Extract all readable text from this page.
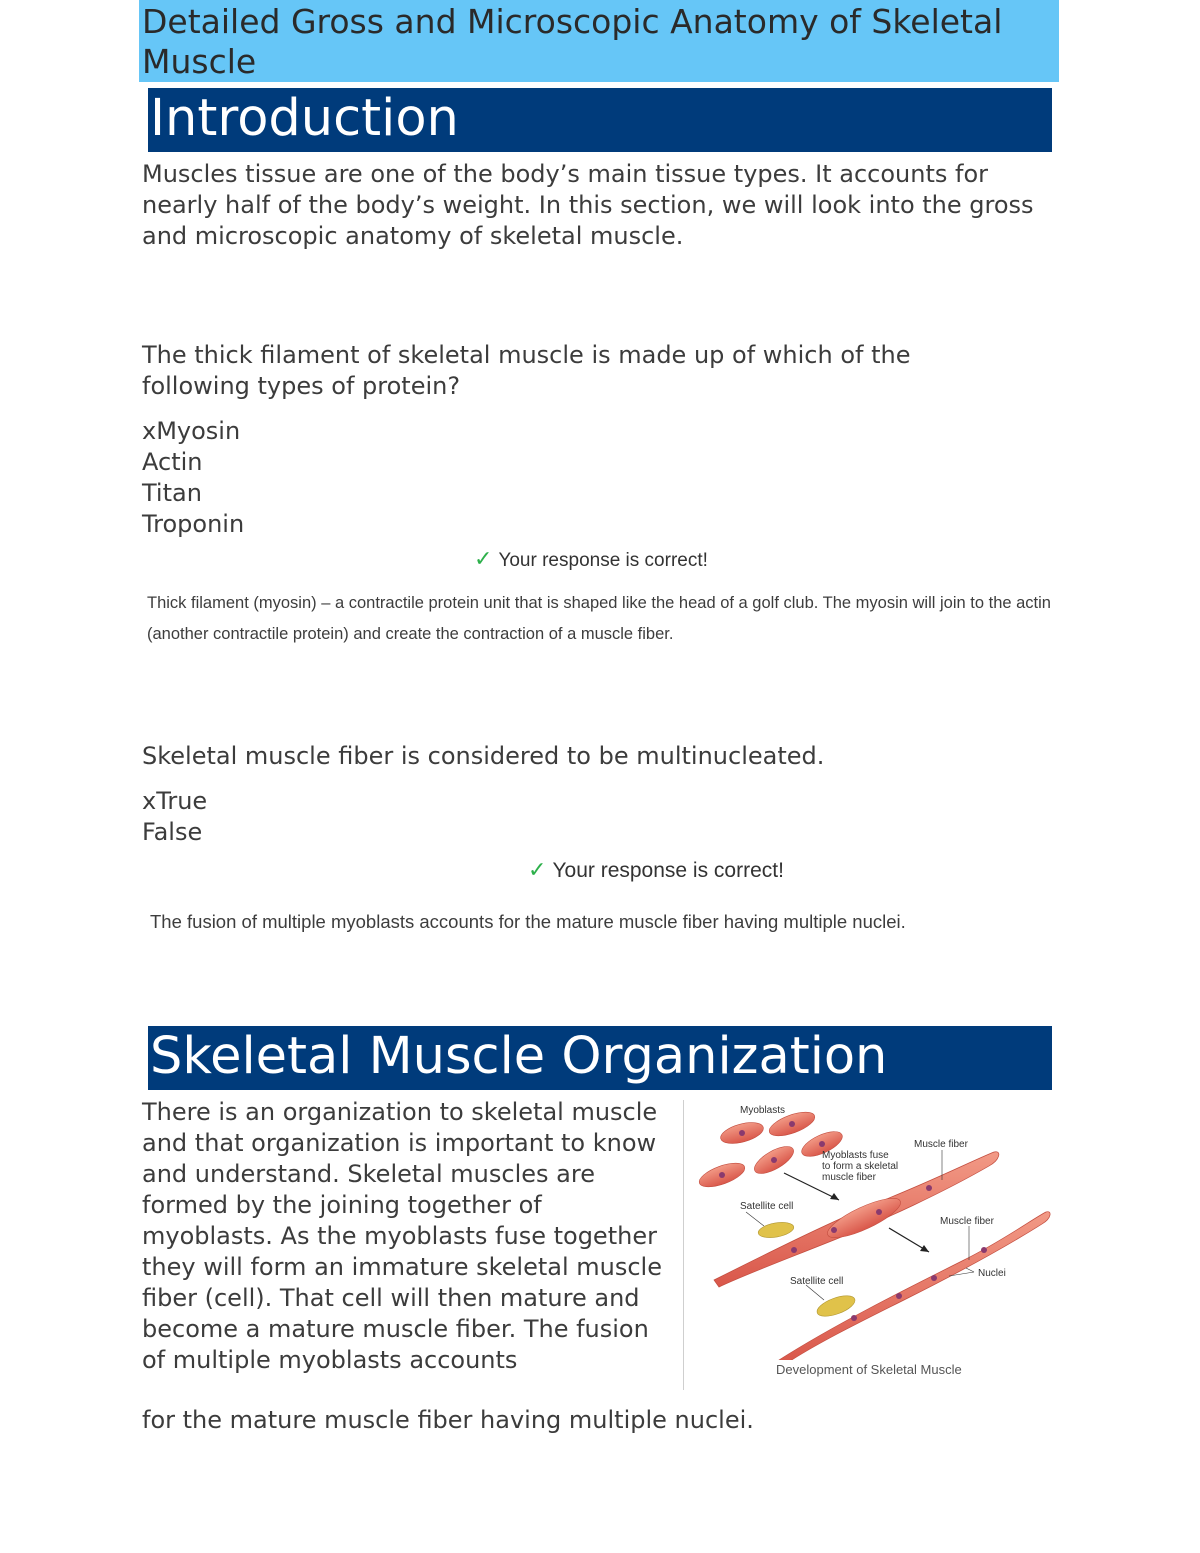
Detailed Gross and Microscopic Anatomy of Skeletal Muscle
Introduction
Muscles tissue are one of the body’s main tissue types. It accounts for nearly half of the body’s weight. In this section, we will look into the gross and microscopic anatomy of skeletal muscle.
The thick filament of skeletal muscle is made up of which of the following types of protein?
xMyosin
Actin
Titan
Troponin
✓ Your response is correct!
Thick filament (myosin) – a contractile protein unit that is shaped like the head of a golf club. The myosin will join to the actin (another contractile protein) and create the contraction of a muscle fiber.
Skeletal muscle fiber is considered to be multinucleated.
xTrue
False
✓ Your response is correct!
The fusion of multiple myoblasts accounts for the mature muscle fiber having multiple nuclei.
Skeletal Muscle Organization
There is an organization to skeletal muscle and that organization is important to know and understand. Skeletal muscles are formed by the joining together of myoblasts. As the myoblasts fuse together they will form an immature skeletal muscle fiber (cell). That cell will then mature and become a mature muscle fiber. The fusion of multiple myoblasts accounts
for the mature muscle fiber having multiple nuclei.
Myoblasts
Myoblasts fuse
to form a skeletal
muscle fiber
Muscle fiber
Satellite cell
Muscle fiber
Satellite cell
Nuclei
Development of Skeletal Muscle
